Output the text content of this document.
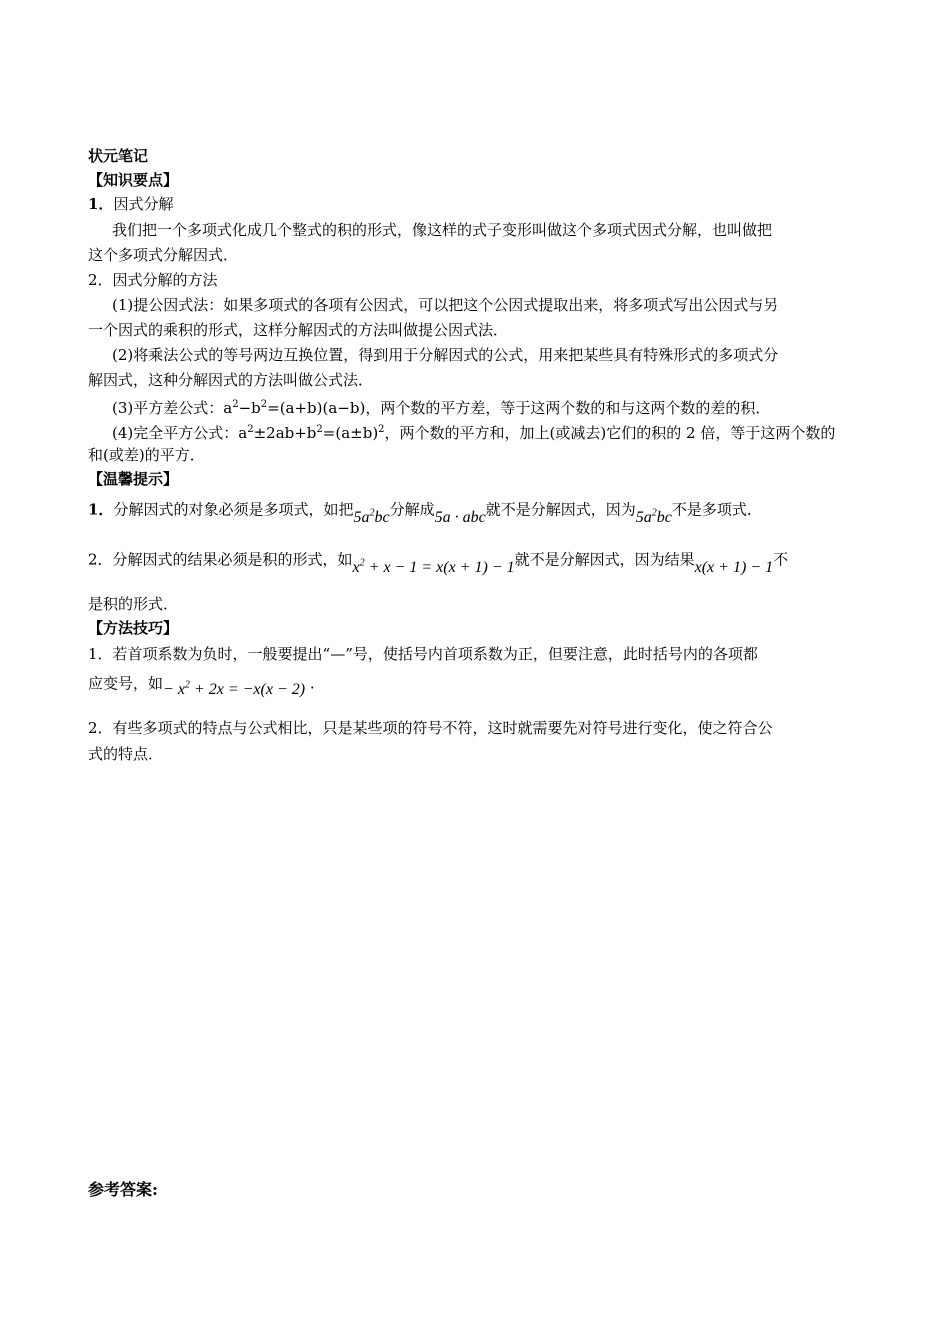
状元笔记
【知识要点】
1．因式分解
我们把一个多项式化成几个整式的积的形式，像这样的式子变形叫做这个多项式因式分解，也叫做把
这个多项式分解因式．
2．因式分解的方法
(1)提公因式法：如果多项式的各项有公因式，可以把这个公因式提取出来，将多项式写出公因式与另
一个因式的乘积的形式，这样分解因式的方法叫做提公因式法．
(2)将乘法公式的等号两边互换位置，得到用于分解因式的公式，用来把某些具有特殊形式的多项式分
解因式，这种分解因式的方法叫做公式法．
(3)平方差公式：$a^2-b^2=(a+b)(a-b)$，两个数的平方差，等于这两个数的和与这两个数的差的积．
(4)完全平方公式：$a^2\pm 2ab+b^2=(a\pm b)^2$，两个数的平方和，加上(或减去)它们的积的 2 倍，等于这两个数的
和(或差)的平方．
【温馨提示】
1．分解因式的对象必须是多项式，如把$5a^2bc$分解成5a · abc就不是分解因式，因为$5a^2bc$不是多项式．
2．分解因式的结果必须是积的形式，如$x^2 + x - 1 = x(x + 1) - 1$就不是分解因式，因为结果x(x + 1) − 1不
是积的形式．
【方法技巧】
1．若首项系数为负时，一般要提出“—”号，使括号内首项系数为正，但要注意，此时括号内的各项都
应变号，如− $x^2 + 2x = -x(x - 2)$ .
2．有些多项式的特点与公式相比，只是某些项的符号不符，这时就需要先对符号进行变化，使之符合公
式的特点．
参考答案:
